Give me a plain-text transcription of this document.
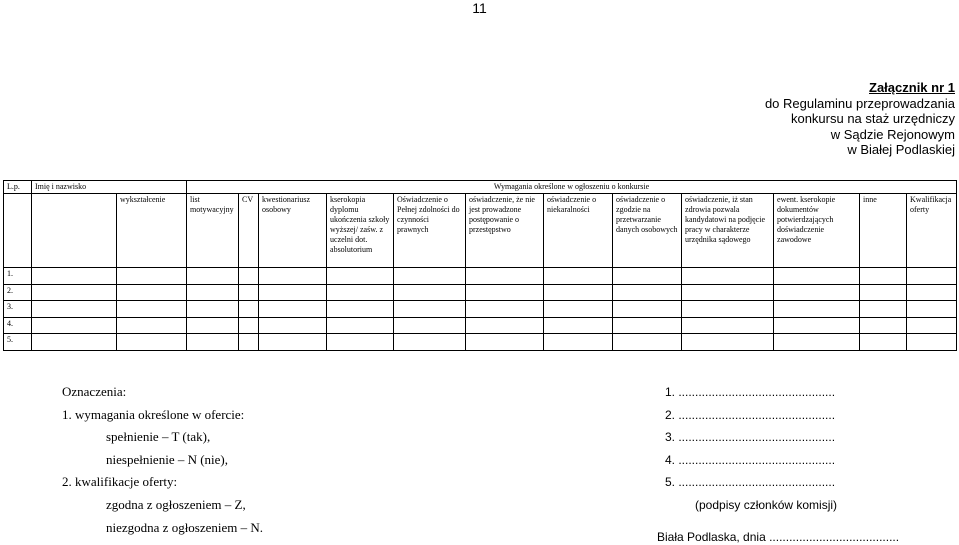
11
Załącznik nr 1
do Regulaminu przeprowadzania
konkursu na staż urzędniczy
w Sądzie Rejonowym
w Białej Podlaskiej
L.p.	Imię i nazwisko		Wymagania określone w ogłoszeniu o konkursie											
		wykształcenie	list motywacyjny	CV	kwestionariusz osobowy	kserokopia dyplomu ukończenia szkoły wyższej/ zaśw. z uczelni dot. absolutorium	Oświadczenie o Pełnej zdolności do czynności prawnych	oświadczenie, że nie jest prowadzone postępowanie o przestępstwo	oświadczenie o niekaralności	oświadczenie o zgodzie na przetwarzanie danych osobowych	oświadczenie, iż stan zdrowia pozwala kandydatowi na podjęcie pracy w charakterze urzędnika sądowego	ewent. kserokopie dokumentów potwierdzających doświadczenie zawodowe	inne	Kwalifikacja oferty
1.														
2.														
3.														
4.														
5.														
Oznaczenia:
1. wymagania określone w ofercie:
spełnienie – T (tak),
niespełnienie – N (nie),
2. kwalifikacje oferty:
zgodna z ogłoszeniem – Z,
niezgodna z ogłoszeniem – N.
1. ...............................................
2. ...............................................
3. ...............................................
4. ...............................................
5. ...............................................
(podpisy członków komisji)
Biała Podlaska, dnia .......................................
